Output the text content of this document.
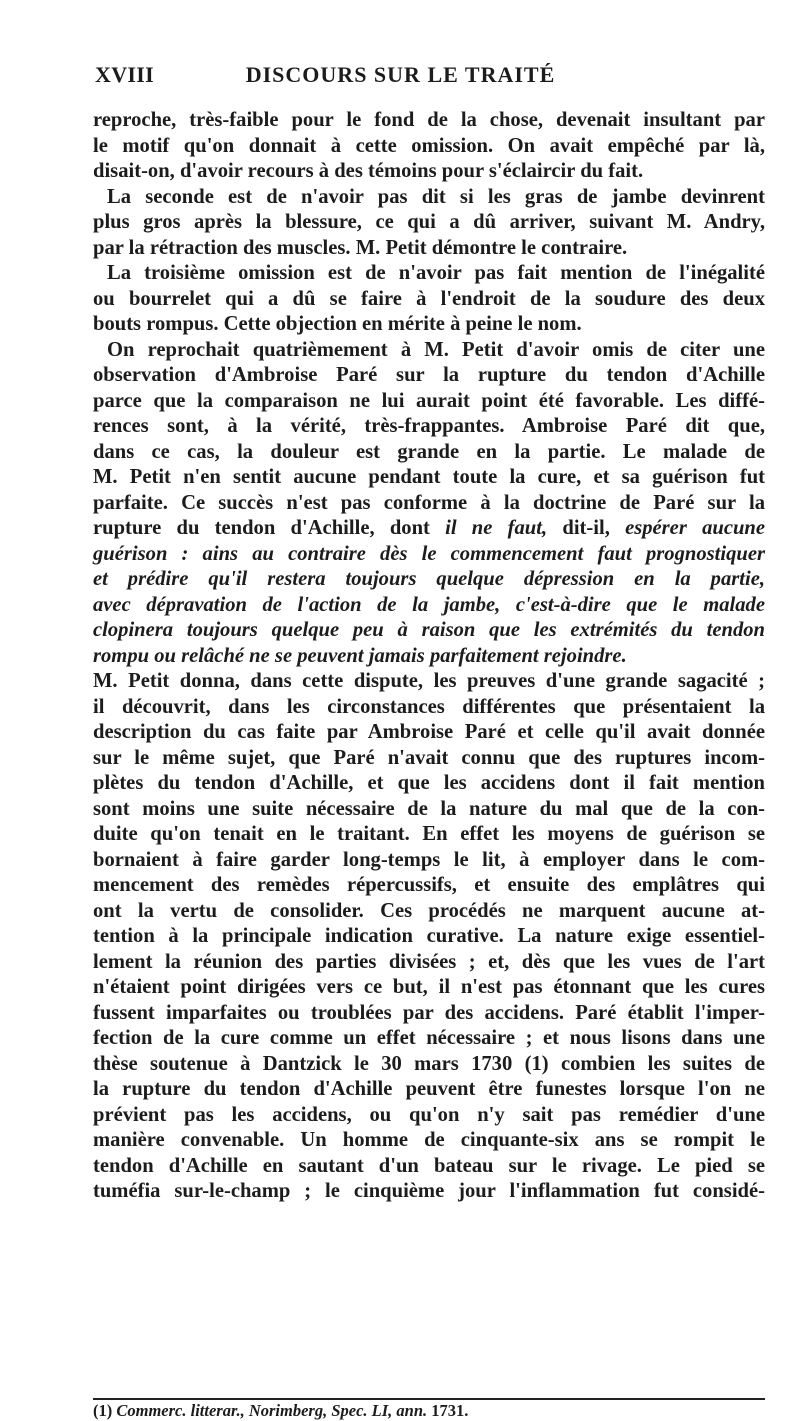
XVIII	DISCOURS SUR LE TRAITÉ
reproche, très-faible pour le fond de la chose, devenait insultant par
le motif qu'on donnait à cette omission. On avait empêché par là,
disait-on, d'avoir recours à des témoins pour s'éclaircir du fait.
La seconde est de n'avoir pas dit si les gras de jambe devinrent
plus gros après la blessure, ce qui a dû arriver, suivant M. Andry,
par la rétraction des muscles. M. Petit démontre le contraire.
La troisième omission est de n'avoir pas fait mention de l'inégalité
ou bourrelet qui a dû se faire à l'endroit de la soudure des deux
bouts rompus. Cette objection en mérite à peine le nom.
On reprochait quatrièmement à M. Petit d'avoir omis de citer une
observation d'Ambroise Paré sur la rupture du tendon d'Achille
parce que la comparaison ne lui aurait point été favorable. Les diffé-
rences sont, à la vérité, très-frappantes. Ambroise Paré dit que,
dans ce cas, la douleur est grande en la partie. Le malade de
M. Petit n'en sentit aucune pendant toute la cure, et sa guérison fut
parfaite. Ce succès n'est pas conforme à la doctrine de Paré sur la
rupture du tendon d'Achille, dont il ne faut, dit-il, espérer aucune
guérison : ains au contraire dès le commencement faut prognostiquer
et prédire qu'il restera toujours quelque dépression en la partie,
avec dépravation de l'action de la jambe, c'est-à-dire que le malade
clopinera toujours quelque peu à raison que les extrémités du tendon
rompu ou relâché ne se peuvent jamais parfaitement rejoindre.
M. Petit donna, dans cette dispute, les preuves d'une grande sagacité ;
il découvrit, dans les circonstances différentes que présentaient la
description du cas faite par Ambroise Paré et celle qu'il avait donnée
sur le même sujet, que Paré n'avait connu que des ruptures incom-
plètes du tendon d'Achille, et que les accidens dont il fait mention
sont moins une suite nécessaire de la nature du mal que de la con-
duite qu'on tenait en le traitant. En effet les moyens de guérison se
bornaient à faire garder long-temps le lit, à employer dans le com-
mencement des remèdes répercussifs, et ensuite des emplâtres qui
ont la vertu de consolider. Ces procédés ne marquent aucune at-
tention à la principale indication curative. La nature exige essentiel-
lement la réunion des parties divisées ; et, dès que les vues de l'art
n'étaient point dirigées vers ce but, il n'est pas étonnant que les cures
fussent imparfaites ou troublées par des accidens. Paré établit l'imper-
fection de la cure comme un effet nécessaire ; et nous lisons dans une
thèse soutenue à Dantzick le 30 mars 1730 (1) combien les suites de
la rupture du tendon d'Achille peuvent être funestes lorsque l'on ne
prévient pas les accidens, ou qu'on n'y sait pas remédier d'une
manière convenable. Un homme de cinquante-six ans se rompit le
tendon d'Achille en sautant d'un bateau sur le rivage. Le pied se
tuméfia sur-le-champ ; le cinquième jour l'inflammation fut considé-
(1) Commerc. litterar., Norimberg, Spec. LI, ann. 1731.
